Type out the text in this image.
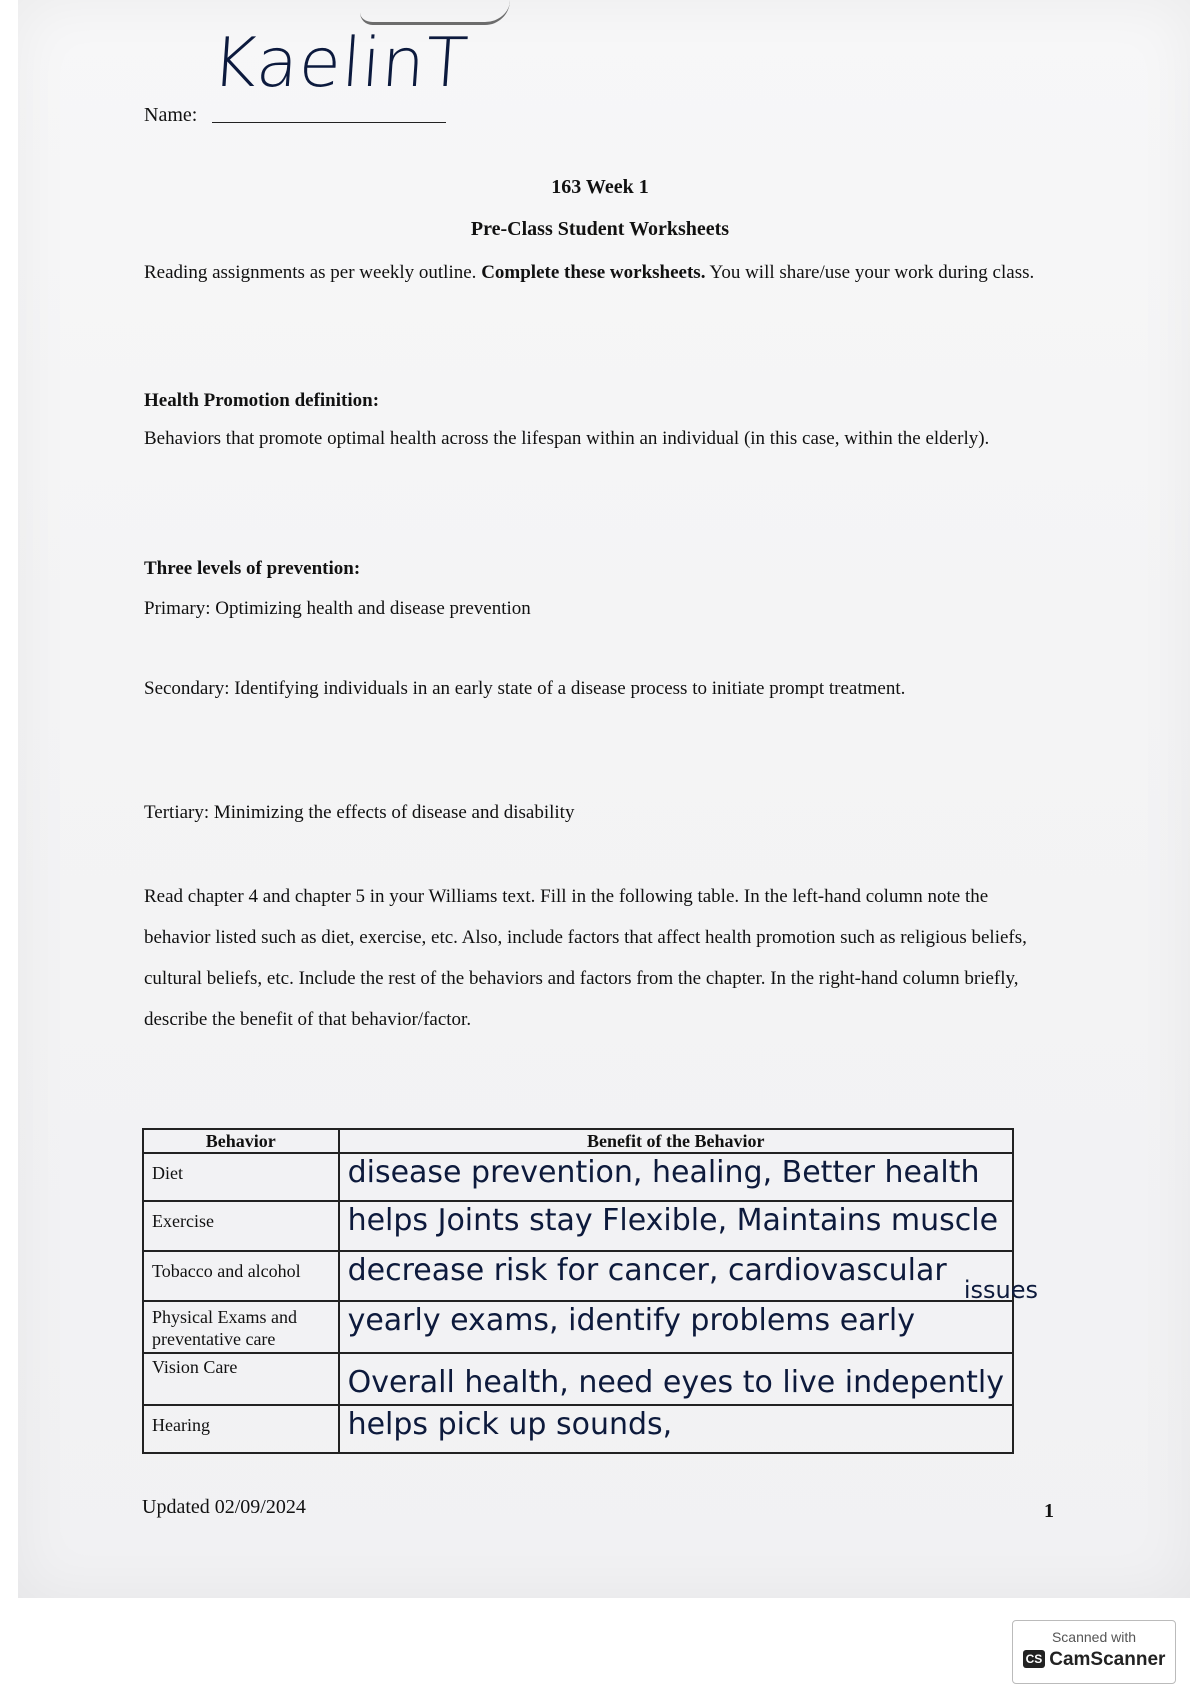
Name:
KaelinT
163 Week 1
Pre-Class Student Worksheets
Reading assignments as per weekly outline. Complete these worksheets. You will share/use your work during class.
Health Promotion definition:
Behaviors that promote optimal health across the lifespan within an individual (in this case, within the elderly).
Three levels of prevention:
Primary: Optimizing health and disease prevention
Secondary: Identifying individuals in an early state of a disease process to initiate prompt treatment.
Tertiary: Minimizing the effects of disease and disability
Read chapter 4 and chapter 5 in your Williams text. Fill in the following table. In the left-hand column note the behavior listed such as diet, exercise, etc. Also, include factors that affect health promotion such as religious beliefs, cultural beliefs, etc. Include the rest of the behaviors and factors from the chapter. In the right-hand column briefly, describe the benefit of that behavior/factor.
Behavior	Benefit of the Behavior
Diet	disease prevention, healing, Better health
Exercise	helps Joints stay Flexible, Maintains muscle
Tobacco and alcohol	decrease risk for cancer, cardiovascular
issues

Physical Exams and preventative care	yearly exams, identify problems early
Vision Care	Overall health, need eyes to live indepently
Hearing	helps pick up sounds,
Updated 02/09/2024	1
Scanned with
CS CamScanner
